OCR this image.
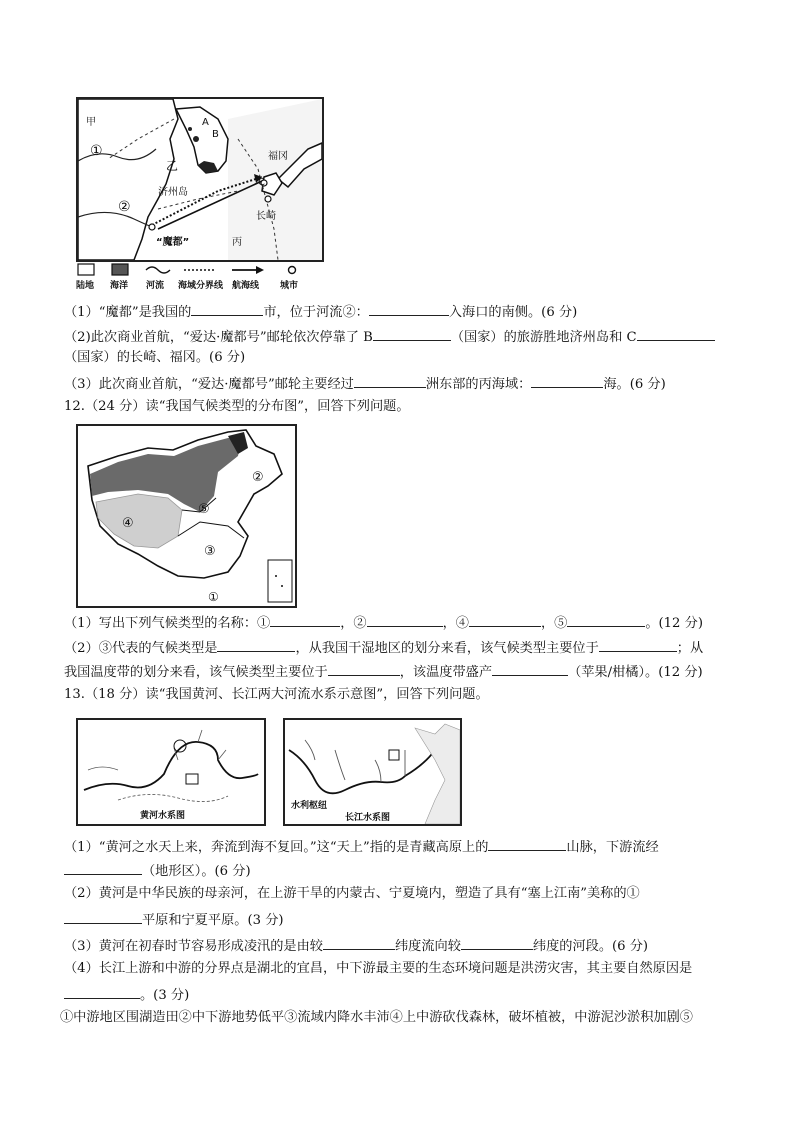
甲
①
乙
②
A
B
C
福冈
济州岛
长崎
“魔都”	丙
陆地 海洋 河流 海域分界线 航海线 城市
（1）“魔都”是我国的	市，位于河流②：	入海口的南侧。(6 分)
（2)此次商业首航，“爱达·魔都号”邮轮依次停靠了 B	（国家）的旅游胜地济州岛和 C
（国家）的长崎、福冈。(6 分)
（3）此次商业首航，“爱达·魔都号”邮轮主要经过	洲东部的丙海域：	海。(6 分)
12.（24 分）读“我国气候类型的分布图”，回答下列问题。
②
⑤
④
③
①
（1）写出下列气候类型的名称：①	，②	，④	，⑤	。(12 分)
（2）③代表的气候类型是	，从我国干湿地区的划分来看，该气候类型主要位于	；从
我国温度带的划分来看，该气候类型主要位于	，该温度带盛产	（苹果/柑橘）。(12 分)
13.（18 分）读“我国黄河、长江两大河流水系示意图”，回答下列问题。
黄河水系图
水利枢纽
长江水系图
（1）“黄河之水天上来，奔流到海不复回。”这“天上”指的是青藏高原上的	山脉，下游流经
（地形区）。(6 分)
（2）黄河是中华民族的母亲河，在上游干旱的内蒙古、宁夏境内，塑造了具有“塞上江南”美称的①
平原和宁夏平原。(3 分)
（3）黄河在初春时节容易形成凌汛的是由较	纬度流向较	纬度的河段。(6 分)
（4）长江上游和中游的分界点是湖北的宜昌，中下游最主要的生态环境问题是洪涝灾害，其主要自然原因是
。(3 分)
①中游地区围湖造田②中下游地势低平③流域内降水丰沛④上中游砍伐森林，破坏植被，中游泥沙淤积加剧⑤
